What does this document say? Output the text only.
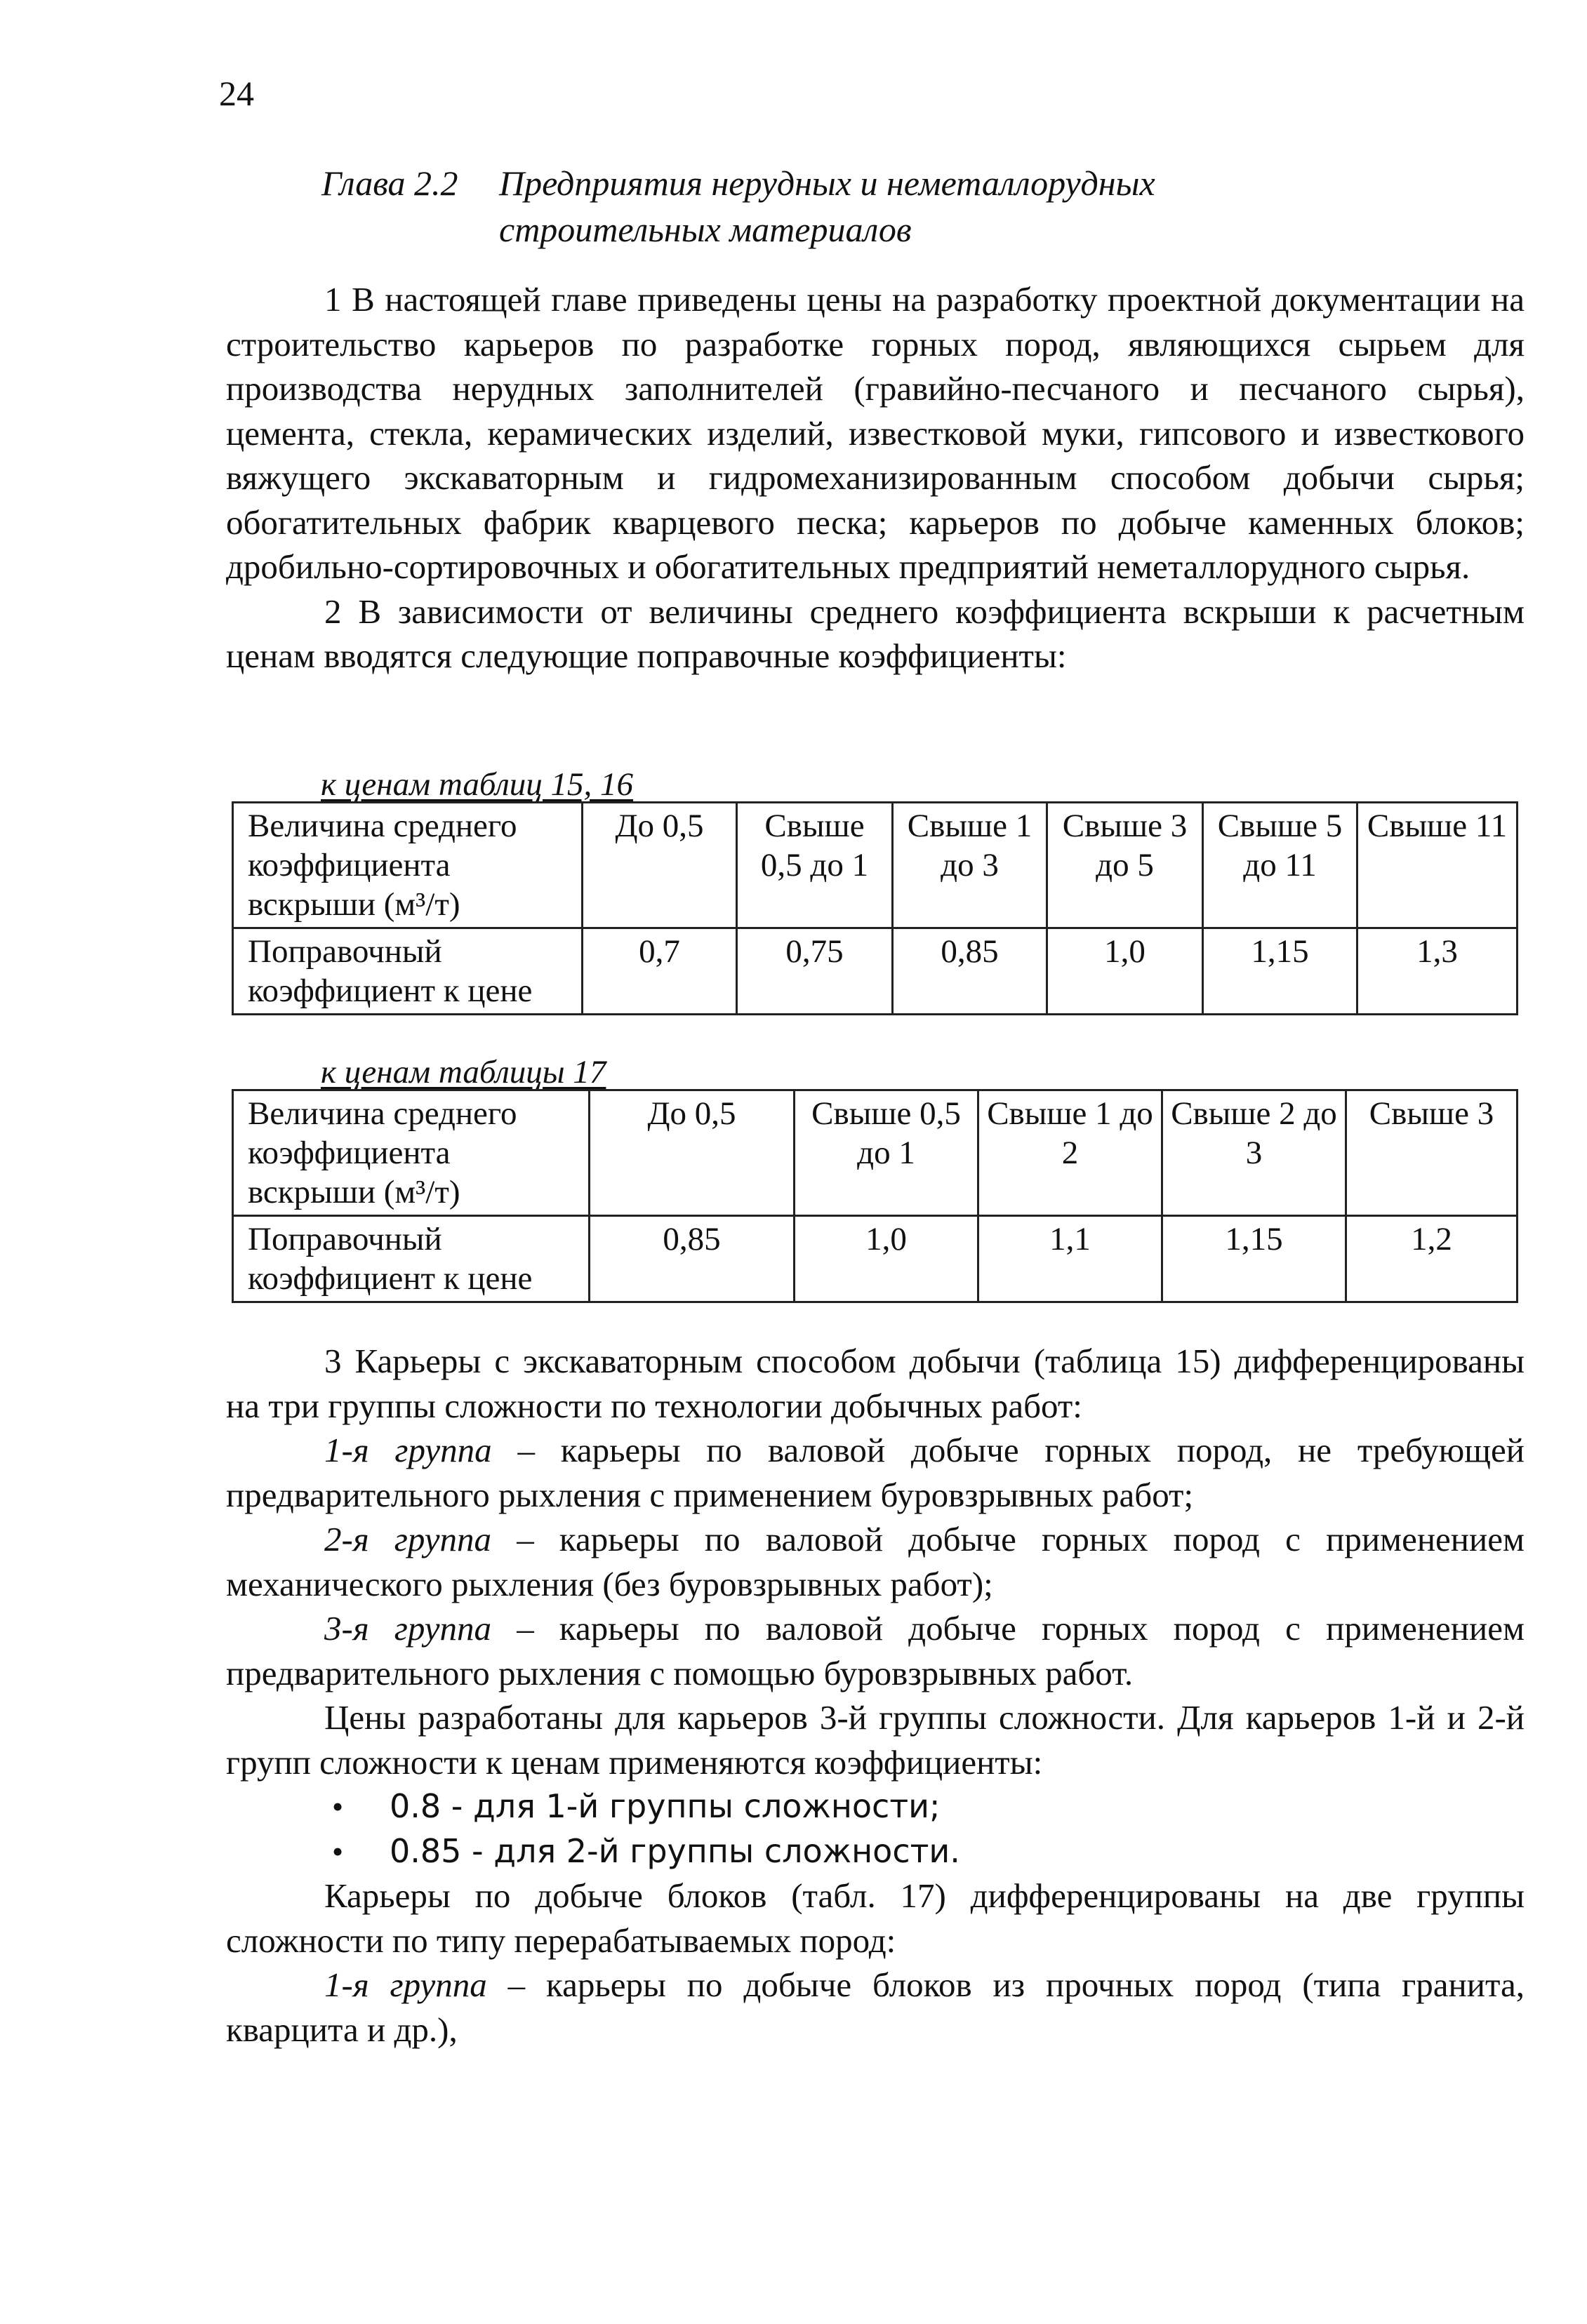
24
Глава 2.2 Предприятия нерудных и неметаллорудных
строительных материалов

1 В настоящей главе приведены цены на разработку проектной документации на строительство карьеров по разработке горных пород, являющихся сырьем для производства нерудных заполнителей (гравийно-песчаного и песчаного сырья), цемента, стекла, керамических изделий, известковой муки, гипсового и известкового вяжущего экскаваторным и гидромеханизированным способом добычи сырья; обогатительных фабрик кварцевого песка; карьеров по добыче каменных блоков; дробильно-сортировочных и обогатительных предприятий неметаллорудного сырья.

2 В зависимости от величины среднего коэффициента вскрыши к расчетным ценам вводятся следующие поправочные коэффициенты:

к ценам таблиц 15, 16
Величина среднего коэффициента вскрыши (м³/т)	До 0,5	Свыше 0,5 до 1	Свыше 1 до 3	Свыше 3 до 5	Свыше 5 до 11	Свыше 11
Поправочный коэффициент к цене	0,7	0,75	0,85	1,0	1,15	1,3
к ценам таблицы 17
Величина среднего коэффициента вскрыши (м³/т)	До 0,5	Свыше 0,5 до 1	Свыше 1 до 2	Свыше 2 до 3	Свыше 3
Поправочный коэффициент к цене	0,85	1,0	1,1	1,15	1,2

3 Карьеры с экскаваторным способом добычи (таблица 15) дифференцированы на три группы сложности по технологии добычных работ:

1-я группа – карьеры по валовой добыче горных пород, не требующей предварительного рыхления с применением буровзрывных работ;

2-я группа – карьеры по валовой добыче горных пород с применением механического рыхления (без буровзрывных работ);

3-я группа – карьеры по валовой добыче горных пород с применением предварительного рыхления с помощью буровзрывных работ.

Цены разработаны для карьеров 3-й группы сложности. Для карьеров 1-й и 2-й групп сложности к ценам применяются коэффициенты:

• 0.8 - для 1-й группы сложности;
• 0.85 - для 2-й группы сложности.

Карьеры по добыче блоков (табл. 17) дифференцированы на две группы сложности по типу перерабатываемых пород:

1-я группа – карьеры по добыче блоков из прочных пород (типа гранита, кварцита и др.),
